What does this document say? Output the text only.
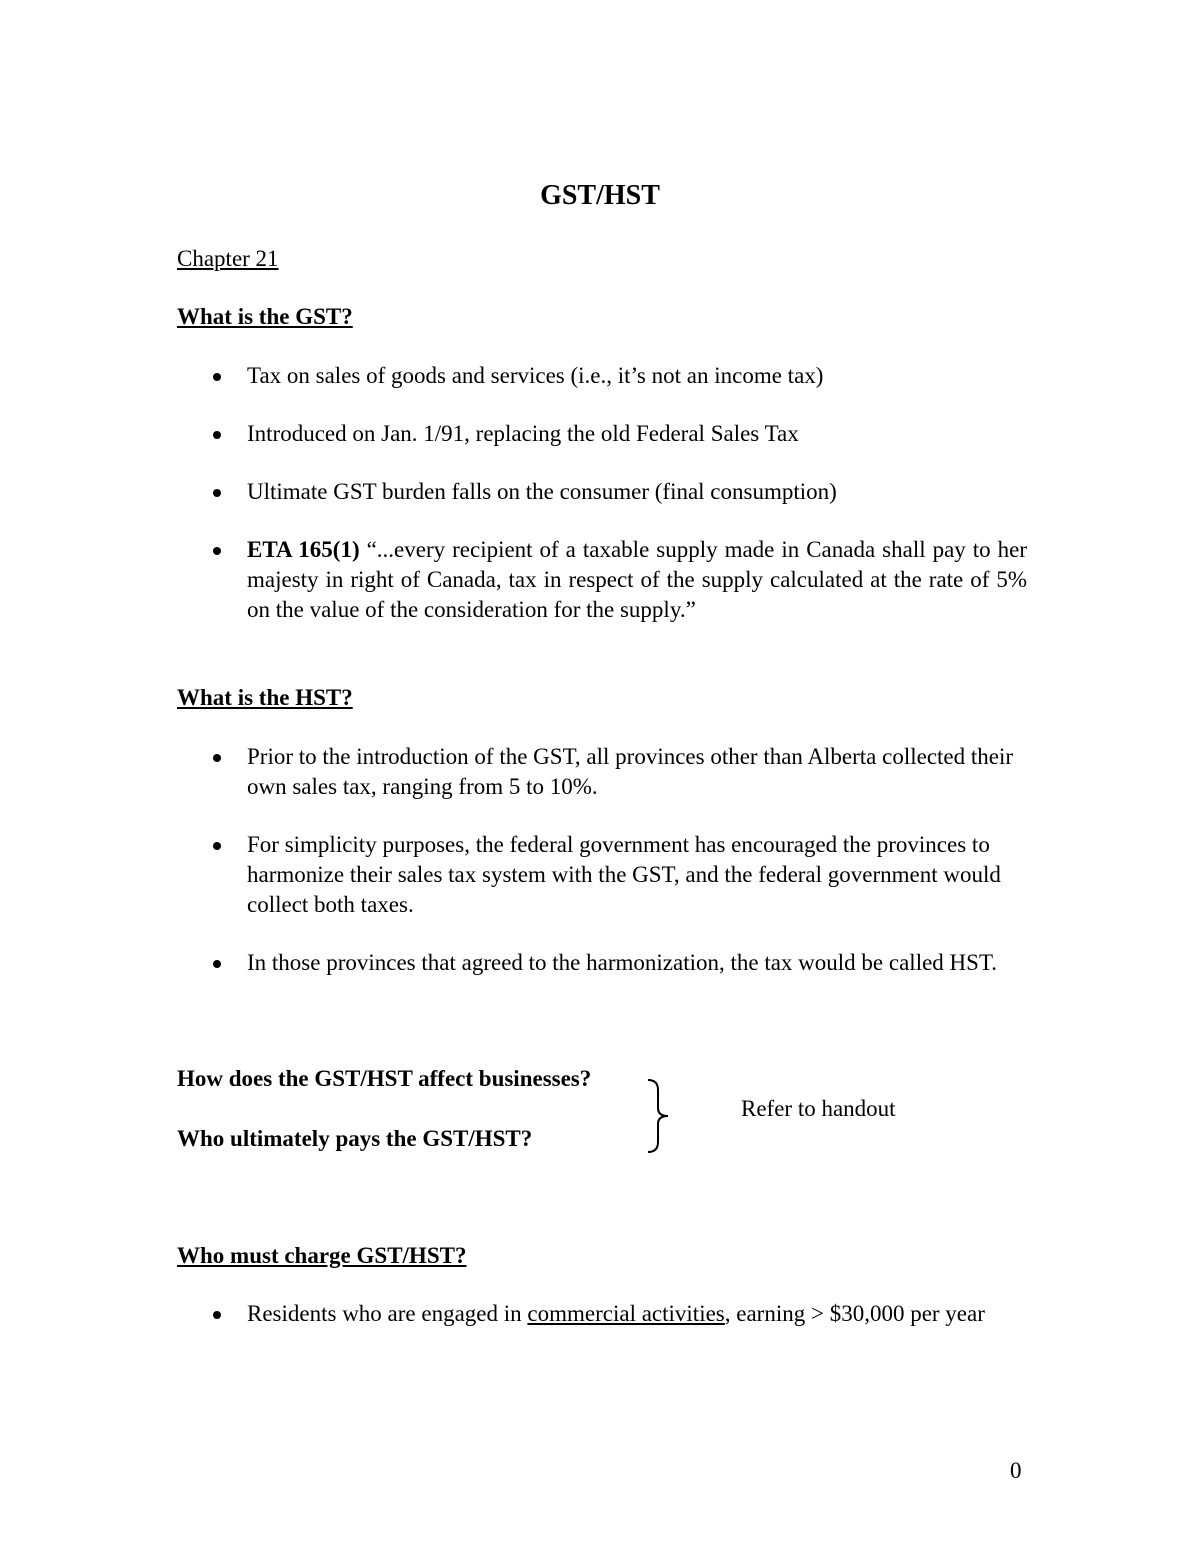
GST/HST

Chapter 21

What is the GST?

Tax on sales of goods and services (i.e., it’s not an income tax)
Introduced on Jan. 1/91, replacing the old Federal Sales Tax
Ultimate GST burden falls on the consumer (final consumption)
ETA 165(1) “...every recipient of a taxable supply made in Canada shall pay to her majesty in right of Canada, tax in respect of the supply calculated at the rate of 5% on the value of the consideration for the supply.”

What is the HST?

Prior to the introduction of the GST, all provinces other than Alberta collected their own sales tax, ranging from 5 to 10%.
For simplicity purposes, the federal government has encouraged the provinces to harmonize their sales tax system with the GST, and the federal government would collect both taxes.
In those provinces that agreed to the harmonization, the tax would be called HST.

How does the GST/HST affect businesses?

Who ultimately pays the GST/HST?

Refer to handout

Who must charge GST/HST?

Residents who are engaged in commercial activities, earning > $30,000 per year

0
